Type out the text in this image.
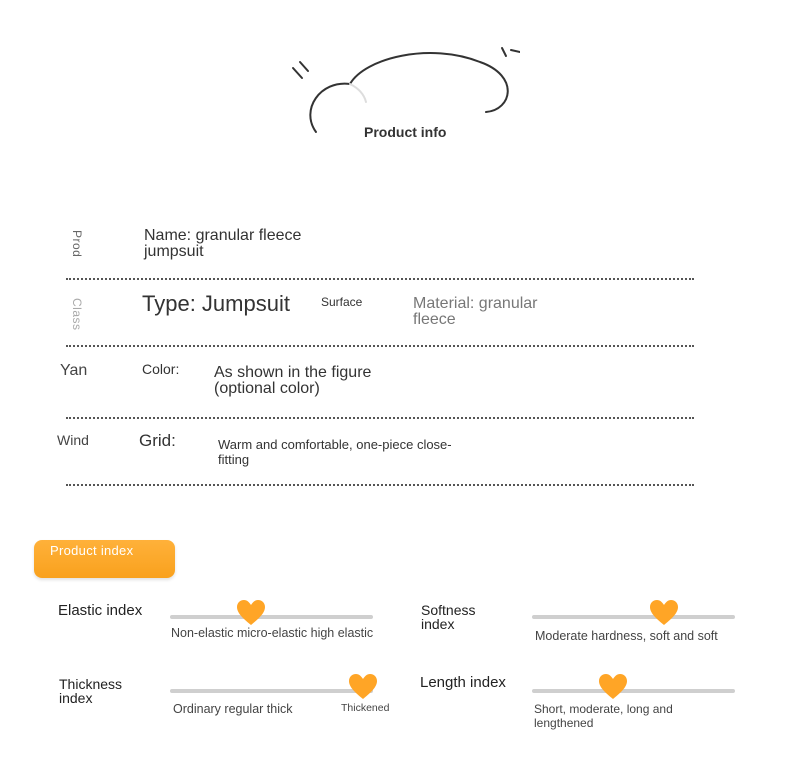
Product info
Prod	Name: granular fleece jumpsuit
Class	Type: Jumpsuit	Surface	Material: granular fleece
Yan	Color: As shown in the figure (optional color)
Wind	Grid:	Warm and comfortable, one-piece close-fitting
Product index
Elastic index
Non-elastic micro-elastic high elastic
Softness index
Moderate hardness, soft and soft
Thickness index
Ordinary regular thick	Thickened
Length index
Short, moderate, long and lengthened
